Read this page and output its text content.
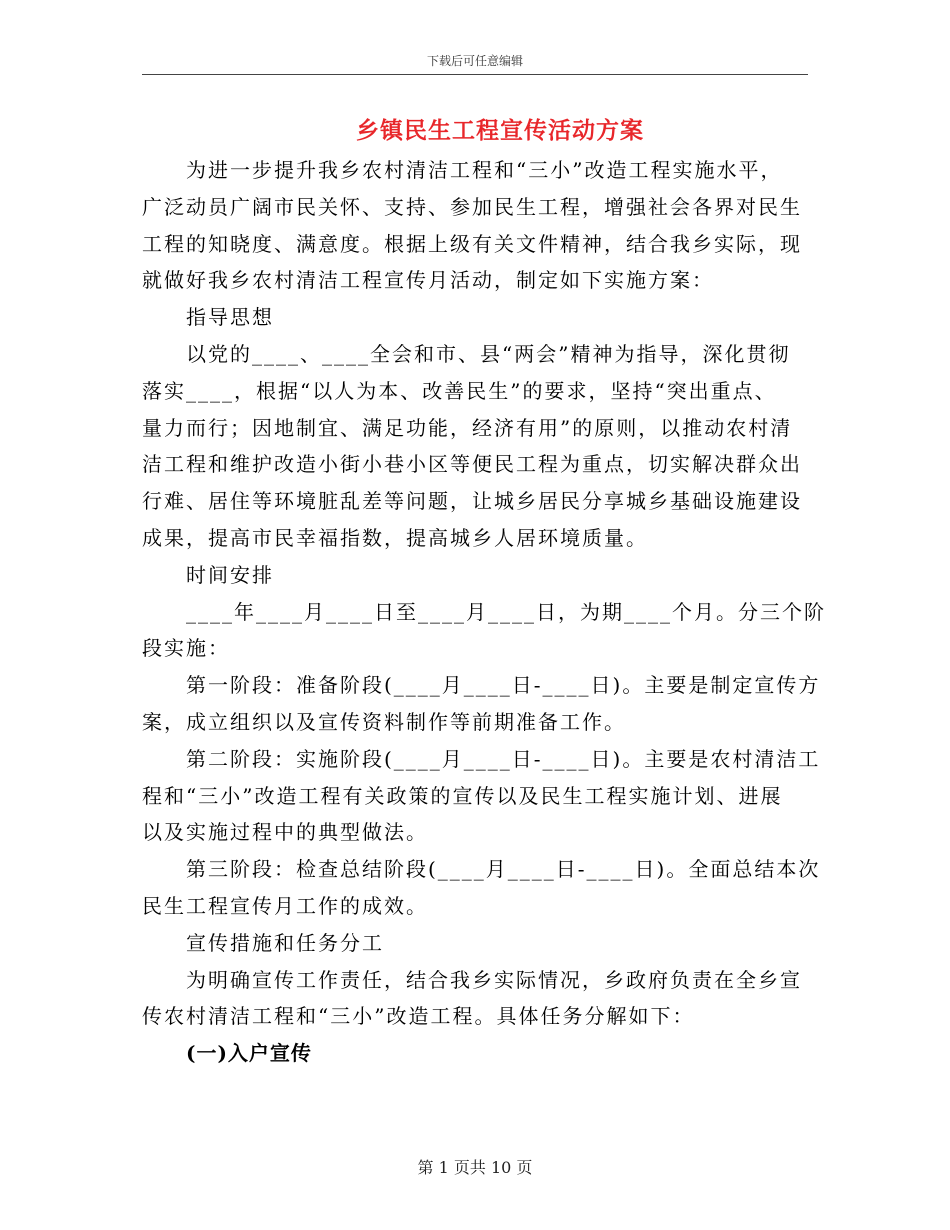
下载后可任意编辑
乡镇民生工程宣传活动方案
为进一步提升我乡农村清洁工程和“三小”改造工程实施水平，
广泛动员广阔市民关怀、支持、参加民生工程，增强社会各界对民生
工程的知晓度、满意度。根据上级有关文件精神，结合我乡实际，现
就做好我乡农村清洁工程宣传月活动，制定如下实施方案：
指导思想
以党的____、____全会和市、县“两会”精神为指导，深化贯彻
落实____，根据“以人为本、改善民生”的要求，坚持“突出重点、
量力而行；因地制宜、满足功能，经济有用”的原则，以推动农村清
洁工程和维护改造小街小巷小区等便民工程为重点，切实解决群众出
行难、居住等环境脏乱差等问题，让城乡居民分享城乡基础设施建设
成果，提高市民幸福指数，提高城乡人居环境质量。
时间安排
____年____月____日至____月____日，为期____个月。分三个阶
段实施：
第一阶段：准备阶段(____月____日-____日)。主要是制定宣传方
案，成立组织以及宣传资料制作等前期准备工作。
第二阶段：实施阶段(____月____日-____日)。主要是农村清洁工
程和“三小”改造工程有关政策的宣传以及民生工程实施计划、进展
以及实施过程中的典型做法。
第三阶段：检查总结阶段(____月____日-____日)。全面总结本次
民生工程宣传月工作的成效。
宣传措施和任务分工
为明确宣传工作责任，结合我乡实际情况，乡政府负责在全乡宣
传农村清洁工程和“三小”改造工程。具体任务分解如下：
(一)入户宣传
第 1 页共 10 页
